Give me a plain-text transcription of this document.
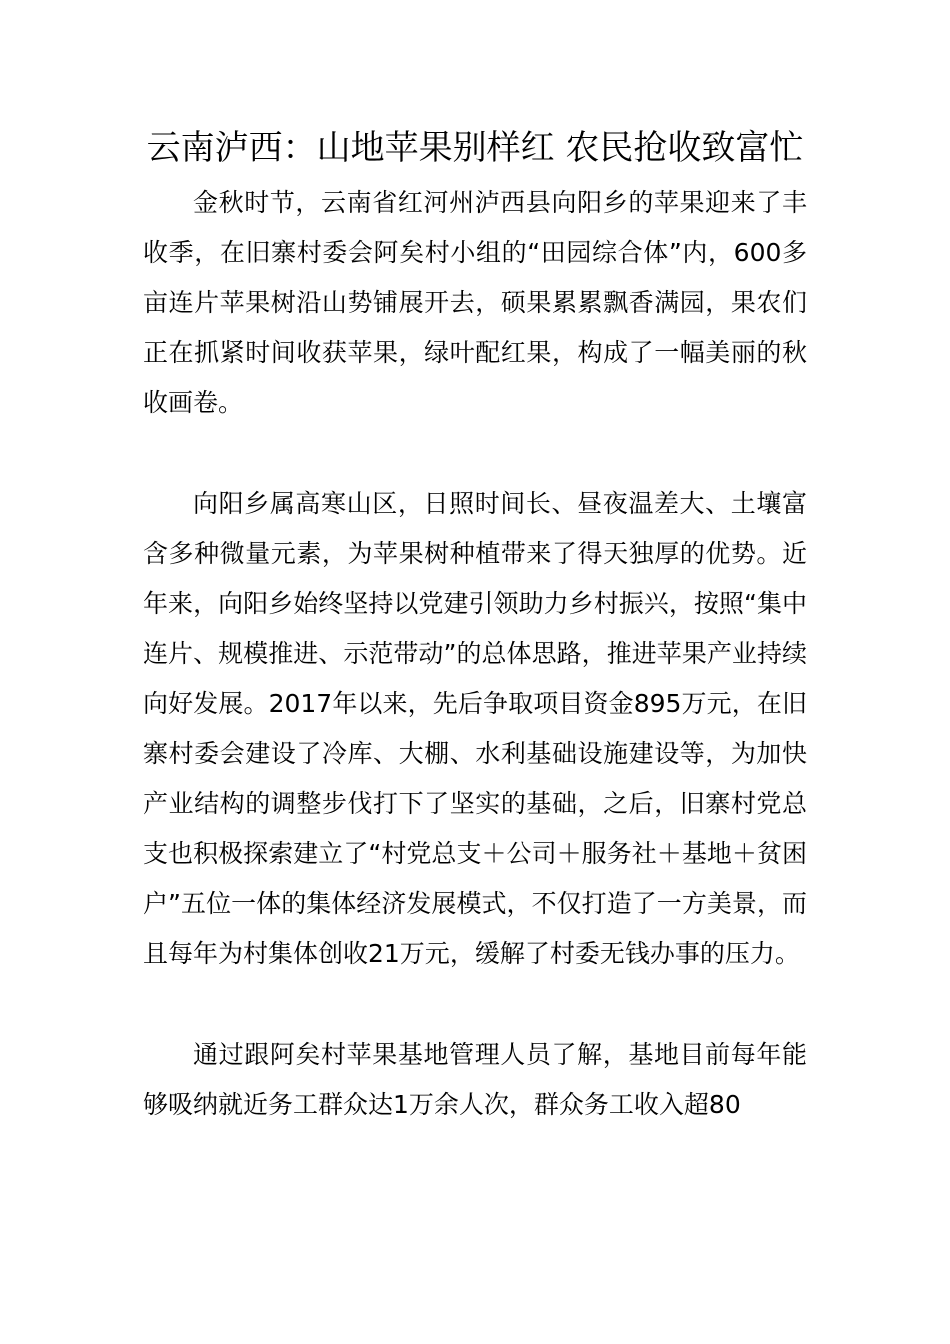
云南泸西：山地苹果别样红 农民抢收致富忙

金秋时节，云南省红河州泸西县向阳乡的苹果迎来了丰收季，在旧寨村委会阿矣村小组的“田园综合体”内，600多亩连片苹果树沿山势铺展开去，硕果累累飘香满园，果农们正在抓紧时间收获苹果，绿叶配红果，构成了一幅美丽的秋收画卷。

向阳乡属高寒山区，日照时间长、昼夜温差大、土壤富含多种微量元素，为苹果树种植带来了得天独厚的优势。近年来，向阳乡始终坚持以党建引领助力乡村振兴，按照“集中连片、规模推进、示范带动”的总体思路，推进苹果产业持续向好发展。2017年以来，先后争取项目资金895万元，在旧寨村委会建设了冷库、大棚、水利基础设施建设等，为加快产业结构的调整步伐打下了坚实的基础，之后，旧寨村党总支也积极探索建立了“村党总支＋公司＋服务社＋基地＋贫困户”五位一体的集体经济发展模式，不仅打造了一方美景，而且每年为村集体创收21万元，缓解了村委无钱办事的压力。

通过跟阿矣村苹果基地管理人员了解，基地目前每年能够吸纳就近务工群众达1万余人次，群众务工收入超80
